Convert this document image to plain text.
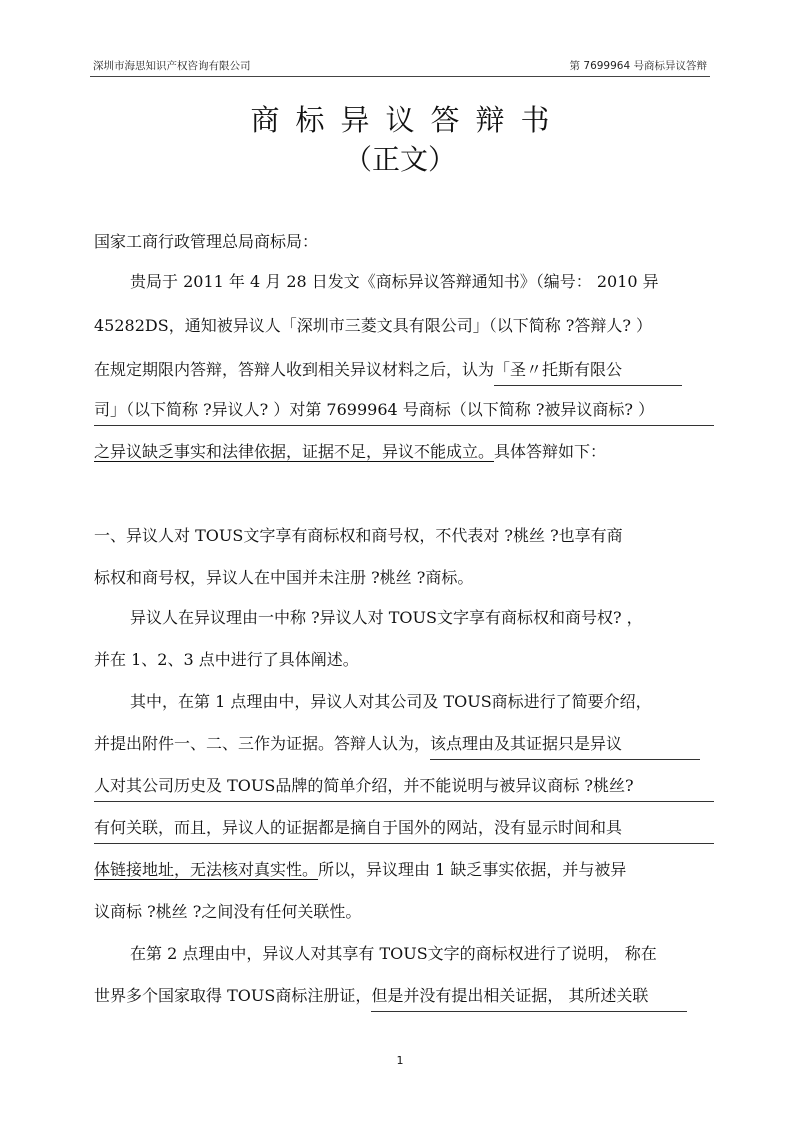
深圳市海思知识产权咨询有限公司	第 7699964 号商标异议答辩
商标异议答辩书
（正文）
国家工商行政管理总局商标局：
贵局于 2011 年 4 月 28 日发文《商标异议答辩通知书》（编号： 2010 异
45282DS，通知被异议人「深圳市三菱文具有限公司」（以下简称 ?答辩人? ）
在规定期限内答辩，答辩人收到相关异议材料之后，认为「圣〃托斯有限公
司」（以下简称 ?异议人? ）对第 7699964 号商标（以下简称 ?被异议商标? ）
之异议缺乏事实和法律依据，证据不足，异议不能成立。具体答辩如下：
一、异议人对 TOUS文字享有商标权和商号权，不代表对 ?桃丝 ?也享有商
标权和商号权，异议人在中国并未注册 ?桃丝 ?商标。
异议人在异议理由一中称 ?异议人对 TOUS文字享有商标权和商号权? ，
并在 1、2、3 点中进行了具体阐述。
其中，在第 1 点理由中，异议人对其公司及 TOUS商标进行了简要介绍，
并提出附件一、二、三作为证据。答辩人认为，该点理由及其证据只是异议
人对其公司历史及 TOUS品牌的简单介绍，并不能说明与被异议商标 ?桃丝?
有何关联，而且，异议人的证据都是摘自于国外的网站，没有显示时间和具
体链接地址，无法核对真实性。所以，异议理由 1 缺乏事实依据，并与被异
议商标 ?桃丝 ?之间没有任何关联性。
在第 2 点理由中，异议人对其享有 TOUS文字的商标权进行了说明， 称在
世界多个国家取得 TOUS商标注册证，但是并没有提出相关证据， 其所述关联
1
